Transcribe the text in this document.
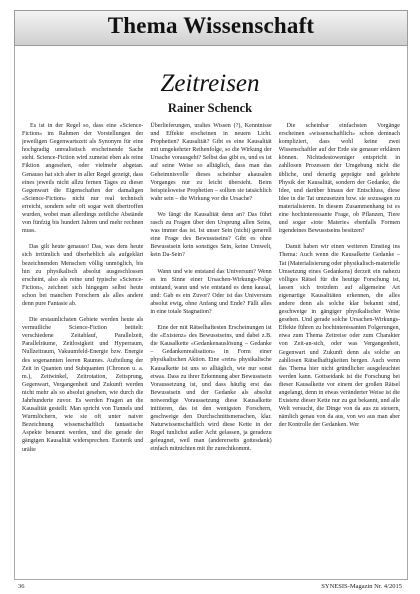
Thema Wissenschaft
Zeitreisen
Rainer Schenck

Es ist in der Regel so, dass eine «Science-Fiction» im Rahmen der Vorstellungen der jeweiligen Gegenwartszeit als Synonym für eine hochgradig unrealistisch erscheinende Sache steht. Science-Fiction wird zumeist eben als reine Fiktion angesehen, oder vielmehr abgetan. Genauso hat sich aber in aller Regel gezeigt, dass eines jeweils nicht allzu fernen Tages zu dieser Gegenwart die Eigenschaften der damaligen «Science-Fiction» nicht nur real technisch erreicht, sondern sehr oft sogar weit übertroffen wurden, wobei man allerdings zeitliche Abstände von fünfzig bis hundert Jahren und mehr rechnen muss.

Das gilt heute genauso! Das, was dem heute sich irrtümlich und überheblich als aufgeklärt bezeichnenden Menschen völlig unmöglich, bis hin zu physikalisch absolut ausgeschlossen erscheint, also als reine und typische «Science-Fiction», zeichnet sich hingegen selbst heute schon bei manchen Forschern als alles andere denn pure Fantasie ab.

Die erstaunlichsten Gebiete werden heute als vermutliche Science-Fiction betitelt: verschiedene Zeitablauf, Parallelzeit, Parallelräume, Zeitlosigkeit und Hyperraum, Nullzeitraum, Vakuumfeld-Energie bzw. Energie des sogenannten leeren Raumes. Aufteilung der Zeit in Quanten und Subquanten (Chronon u. a. m.), Zeitwinkel, Zeitrotation, Zeitsprung, Gegenwart, Vergangenheit und Zukunft werden nicht mehr als so absolut gesehen, wie durch die Jahrhunderte zuvor. Es werden Fragen an die Kausalität gestellt. Man spricht von Tunnels und Wurmlöchern, wie sie oft unter naiver Bezeichnung wissenschaftlich fantastische Aspekte benannt werden, und die gerade der gängigen Kausalität widersprechen. Esoterik und urälte

Überlieferungen, uraltes Wissen (?), Kenntnisse und Effekte erscheinen in neuem Licht. Prophetien? Kausalität? Gibt es eine Kausalität mit umgekehrter Reihenfolge, so die Wirkung der Ursache vorausgeht? Selbst das gibt es, und es ist auf seine Weise so alltäglich, dass man das Geheimnisvolle dieses scheinbar akausalen Vorganges nur zu leicht übersieht. Beim beispielsweise Prophetien – sollten sie tatsächlich wahr sein – die Wirkung vor die Ursache?

Wo fängt die Kausalität denn an? Das führt rasch zu Fragen über den Ursprung allen Seins, was immer das ist. Ist unser Sein (nicht) generell eine Frage des Bewusstseins? Gibt es ohne Bewusstsein kein sonstiges Sein, keine Umwelt, kein Da-Sein?

Wann und wie entstand das Universum? Wenn es im Sinne einer Ursachen-Wirkungs-Folge entstand, wann und wie entstand es denn kausal, und: Gab es ein Zuvor? Oder ist das Universum absolut ewig, ohne Anfang und Ende? Fällt alles in eine totale Stagnation?

Eine der mit Rätselhaftesten Erscheinungen ist die «Existenz» des Bewusstseins, und dabei z.B. die Kausalkette «Gedankenauslösung – Gedanke – Gedankenrealisation» in Form einer physikalischen Aktion. Eine «rein» physikalische Kausalkette ist uns so alltäglich, wie nur sonst etwas. Dass zu ihrer Erkennung aber Bewusstsein Voraussetzung ist, und dass häufig erst das Bewusstsein und der Gedanke als absolut notwendige Voraussetzung diese Kausalkette initiieren, das ist den wenigsten Forschern, geschweige den Durchschnittsmenschen, klar. Naturwissenschaftlich wird diese Kette in der Regel tunlichst außer Acht gelassen, ja geradezu geleugnet, weil man (andererseits gottesdank) einfach mitnichten mit ihr zurechtkommt.

Die scheinbar einfachsten Vorgänge erscheinen «wissenschaftlich» schon demnach kompliziert, dass wohl keine zwei Wissenschaftler auf der Erde sie genauer erklären können. Nichtsdestoweniger entspricht in zahllosen Prozessen der Umgebung nicht die übliche, und derartig geprägte und gelehrte Physik der Kausalität, sondern der Gedanke, die Idee, und darüber hinaus der Entschluss, diese Idee in die Tat umzusetzen bzw. sie sozusagen zu materialisieren. In diesem Zusammenhang ist es eine hochinteressante Frage, ob Pflanzen, Tiere und sogar «tote Materie» ebenfalls Formen irgendeines Bewusstseins besitzen?

Damit haben wir einen weiteren Einstieg ins Thema: Auch wenn die Kausalkette Gedanke – Tat (Materialisierung oder physikalisch-materielle Umsetzung eines Gedankens) derzeit ein nahezu völliges Rätsel für die heutige Forschung ist, lassen sich trotzdem auf allgemeine Art eigenartige Kausalitäten erkennen, die alles andere denn als solche klar bekannt sind, geschweige in gängiger physikalischer Weise gesehen. Und gerade solche Ursachen-Wirkungs-Effekte führen zu hochinteressanten Folgerungen, etwa zum Thema Zeitreise oder zum Charakter von Zeit-an-sich, oder was Vergangenheit, Gegenwart und Zukunft denn als solche an zahllosen Rätselhaftigkeiten bergen. Auch wenn das Thema hier nicht gründlicher ausgeleuchtet werden kann. Gottseidank ist die Forschung bei dieser Kausalkette vor einem der großen Rätsel angelangt, denn in etwas veränderter Weise ist die Existenz dieser Kette nur zu gut bekannt, und alle Welt versucht, die Dinge von da aus zu steuern, nämlich genau von da aus, von wo aus man aber der Kontrolle der Gedanken. Wer

36	SYNESIS-Magazin Nr. 4/2015
